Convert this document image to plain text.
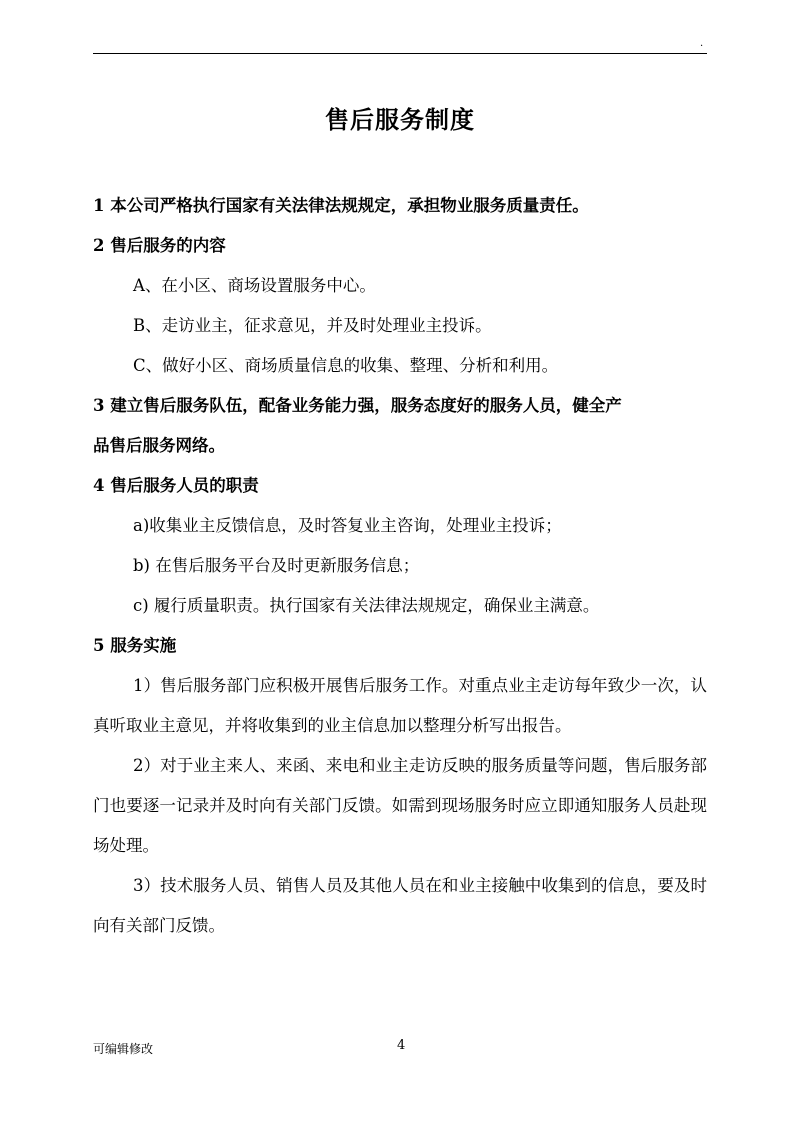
.
售后服务制度

1 本公司严格执行国家有关法律法规规定，承担物业服务质量责任。

2 售后服务的内容

A、在小区、商场设置服务中心。

B、走访业主，征求意见，并及时处理业主投诉。

C、做好小区、商场质量信息的收集、整理、分析和利用。

3 建立售后服务队伍，配备业务能力强，服务态度好的服务人员，健全产

品售后服务网络。

4 售后服务人员的职责

a)收集业主反馈信息，及时答复业主咨询，处理业主投诉；

b) 在售后服务平台及时更新服务信息；

c) 履行质量职责。执行国家有关法律法规规定，确保业主满意。

5 服务实施

1）售后服务部门应积极开展售后服务工作。对重点业主走访每年致少一次，认真听取业主意见，并将收集到的业主信息加以整理分析写出报告。

2）对于业主来人、来函、来电和业主走访反映的服务质量等问题，售后服务部门也要逐一记录并及时向有关部门反馈。如需到现场服务时应立即通知服务人员赴现场处理。

3）技术服务人员、销售人员及其他人员在和业主接触中收集到的信息，要及时向有关部门反馈。

可编辑修改	4
